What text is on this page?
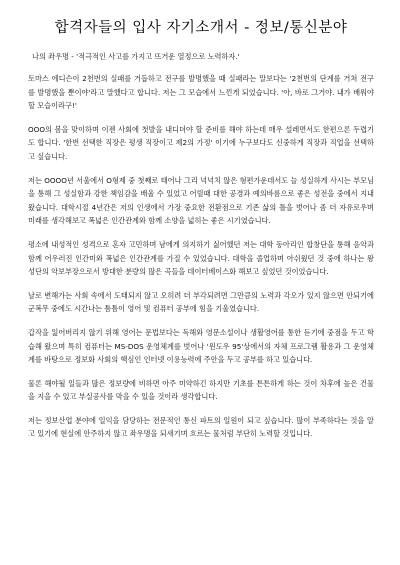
합격자들의 입사 자기소개서 - 정보/통신분야
나의 좌우명 - '적극적인 사고를 가지고 뜨거운 열정으로 노력하자.'

토마스 에디슨이 2천번의 실패를 거듭하고 전구를 발명했을 때 실패라는 말보다는 '2천번의 단계를 거쳐 전구를 발명했을 뿐이야'라고 말했다고 합니다. 저는 그 모습에서 느낀게 되었습니다. '아, 바로 그거야. 내가 배워야 할 모습이라구!'

OOO의 봄을 맞이하며 이젠 사회에 첫발을 내디뎌야 할 준비를 해야 하는데 매우 설레면서도 한편으론 두렵기도 합니다. '한번 선택한 직장은 평생 직장이고 제2의 가정' 이기에 누구보다도 신중하게 직장과 직업을 선택하고 싶습니다.

저는 OOOO년 서울에서 O형제 중 첫째로 태어나 그리 넉넉치 않은 형편가운데서도 늘 성실하게 사시는 부모님을 통해 그 성실함과 강한 책임감을 배울 수 있었고 어릴때 대한 공경과 예의바름으로 좋은 성전을 중에서 지내 왔습니다. 대학시절 4년간은 저의 인생에서 가장 중요한 전환점으로 기존 삶의 틀을 벗어나 좀 더 자유로우며 미래를 생각해보고 폭넓은 인간관계와 함께 소양을 넓히는 좋은 시기였습니다.

평소에 내성적인 성격으로 혼자 고민하며 남에게 의지하기 싫어했던 저는 대학 동아리인 합창단을 통해 음악과 함께 어우러진 인간미와 폭넓은 인간관계를 가질 수 있었습니다. 대학을 졸업하며 아쉬웠던 것 중에 하나는 왕성단의 악보부장으로서 방대한 분량의 많은 곡들을 데이터베이스화 해보고 싶었던 것이었습니다.

날로 변해가는 사회 속에서 도태되지 않고 오히려 더 부각되려면 그만큼의 노력과 각오가 있지 않으면 안되기에 군복무 중에도 시간나는 틈틈이 영어 및 컴퓨터 공부에 힘을 기울였습니다.

갑작을 잃어버리지 않기 위해 영어는 문법보다는 독해와 영문소설이나 생활영어를 통한 듣기에 중점을 두고 학습해 왔으며 특히 컴퓨터는 MS-DOS 운영체계를 벗어나 '윈도우 95'상에서의 자체 프로그램 활용과 그 운영체계를 바탕으로 정보화 사회의 핵심인 인터넷 이용능력에 주안을 두고 공부를 하고 있습니다.

물론 해야될 일들과 많은 정보량에 비하면 아주 미약하긴 하지만 기초를 튼튼하게 하는 것이 차후에 높은 건물을 지을 수 있고 부실공사를 막을 수 있을 것이라 생각합니다.

저는 정보산업 분야에 일익을 담당하는 전문적인 통신 파트의 일원이 되고 싶습니다. 많이 부족하다는 것을 알고 있기에 현실에 안주하지 않고 좌우명을 되새기며 흐르는 물처럼 부단히 노력할 것입니다.
